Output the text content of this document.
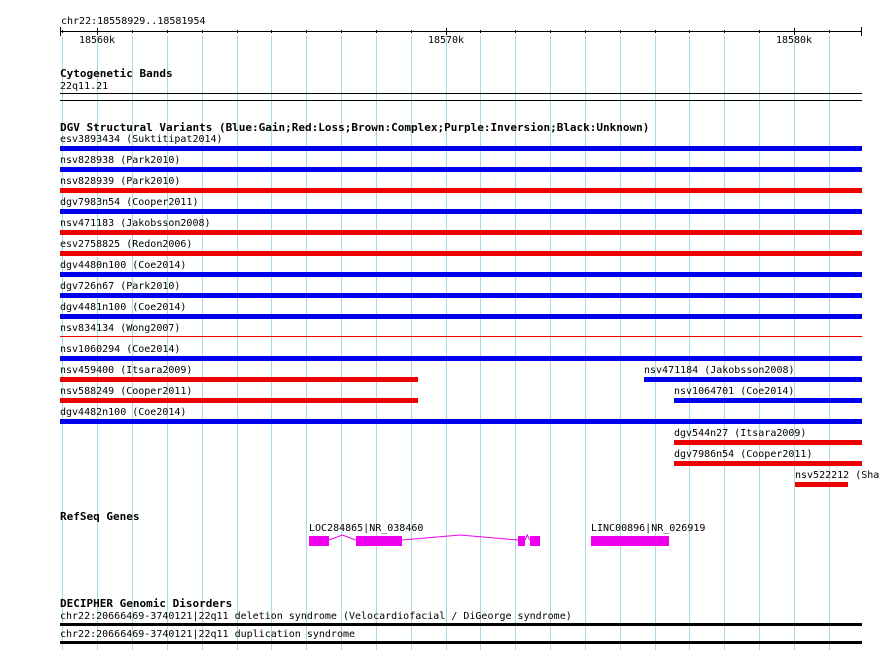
chr22:18558929..18581954
18560k	18570k	18580k
Cytogenetic Bands
22q11.21
DGV Structural Variants (Blue:Gain;Red:Loss;Brown:Complex;Purple:Inversion;Black:Unknown)
esv3893434 (Suktitipat2014)
nsv828938 (Park2010)
nsv828939 (Park2010)
dgv7983n54 (Cooper2011)
nsv471183 (Jakobsson2008)
esv2758825 (Redon2006)
dgv4480n100 (Coe2014)
dgv726n67 (Park2010)
dgv4481n100 (Coe2014)
nsv834134 (Wong2007)
nsv1060294 (Coe2014)
nsv459400 (Itsara2009)	nsv471184 (Jakobsson2008)
nsv588249 (Cooper2011)	nsv1064701 (Coe2014)
dgv4482n100 (Coe2014)
dgv544n27 (Itsara2009)
dgv7986n54 (Cooper2011)
nsv522212 (Sha
RefSeq Genes
LOC284865|NR_038460	LINC00896|NR_026919
DECIPHER Genomic Disorders
chr22:20666469-3740121|22q11 deletion syndrome (Velocardiofacial / DiGeorge syndrome)
chr22:20666469-3740121|22q11 duplication syndrome
